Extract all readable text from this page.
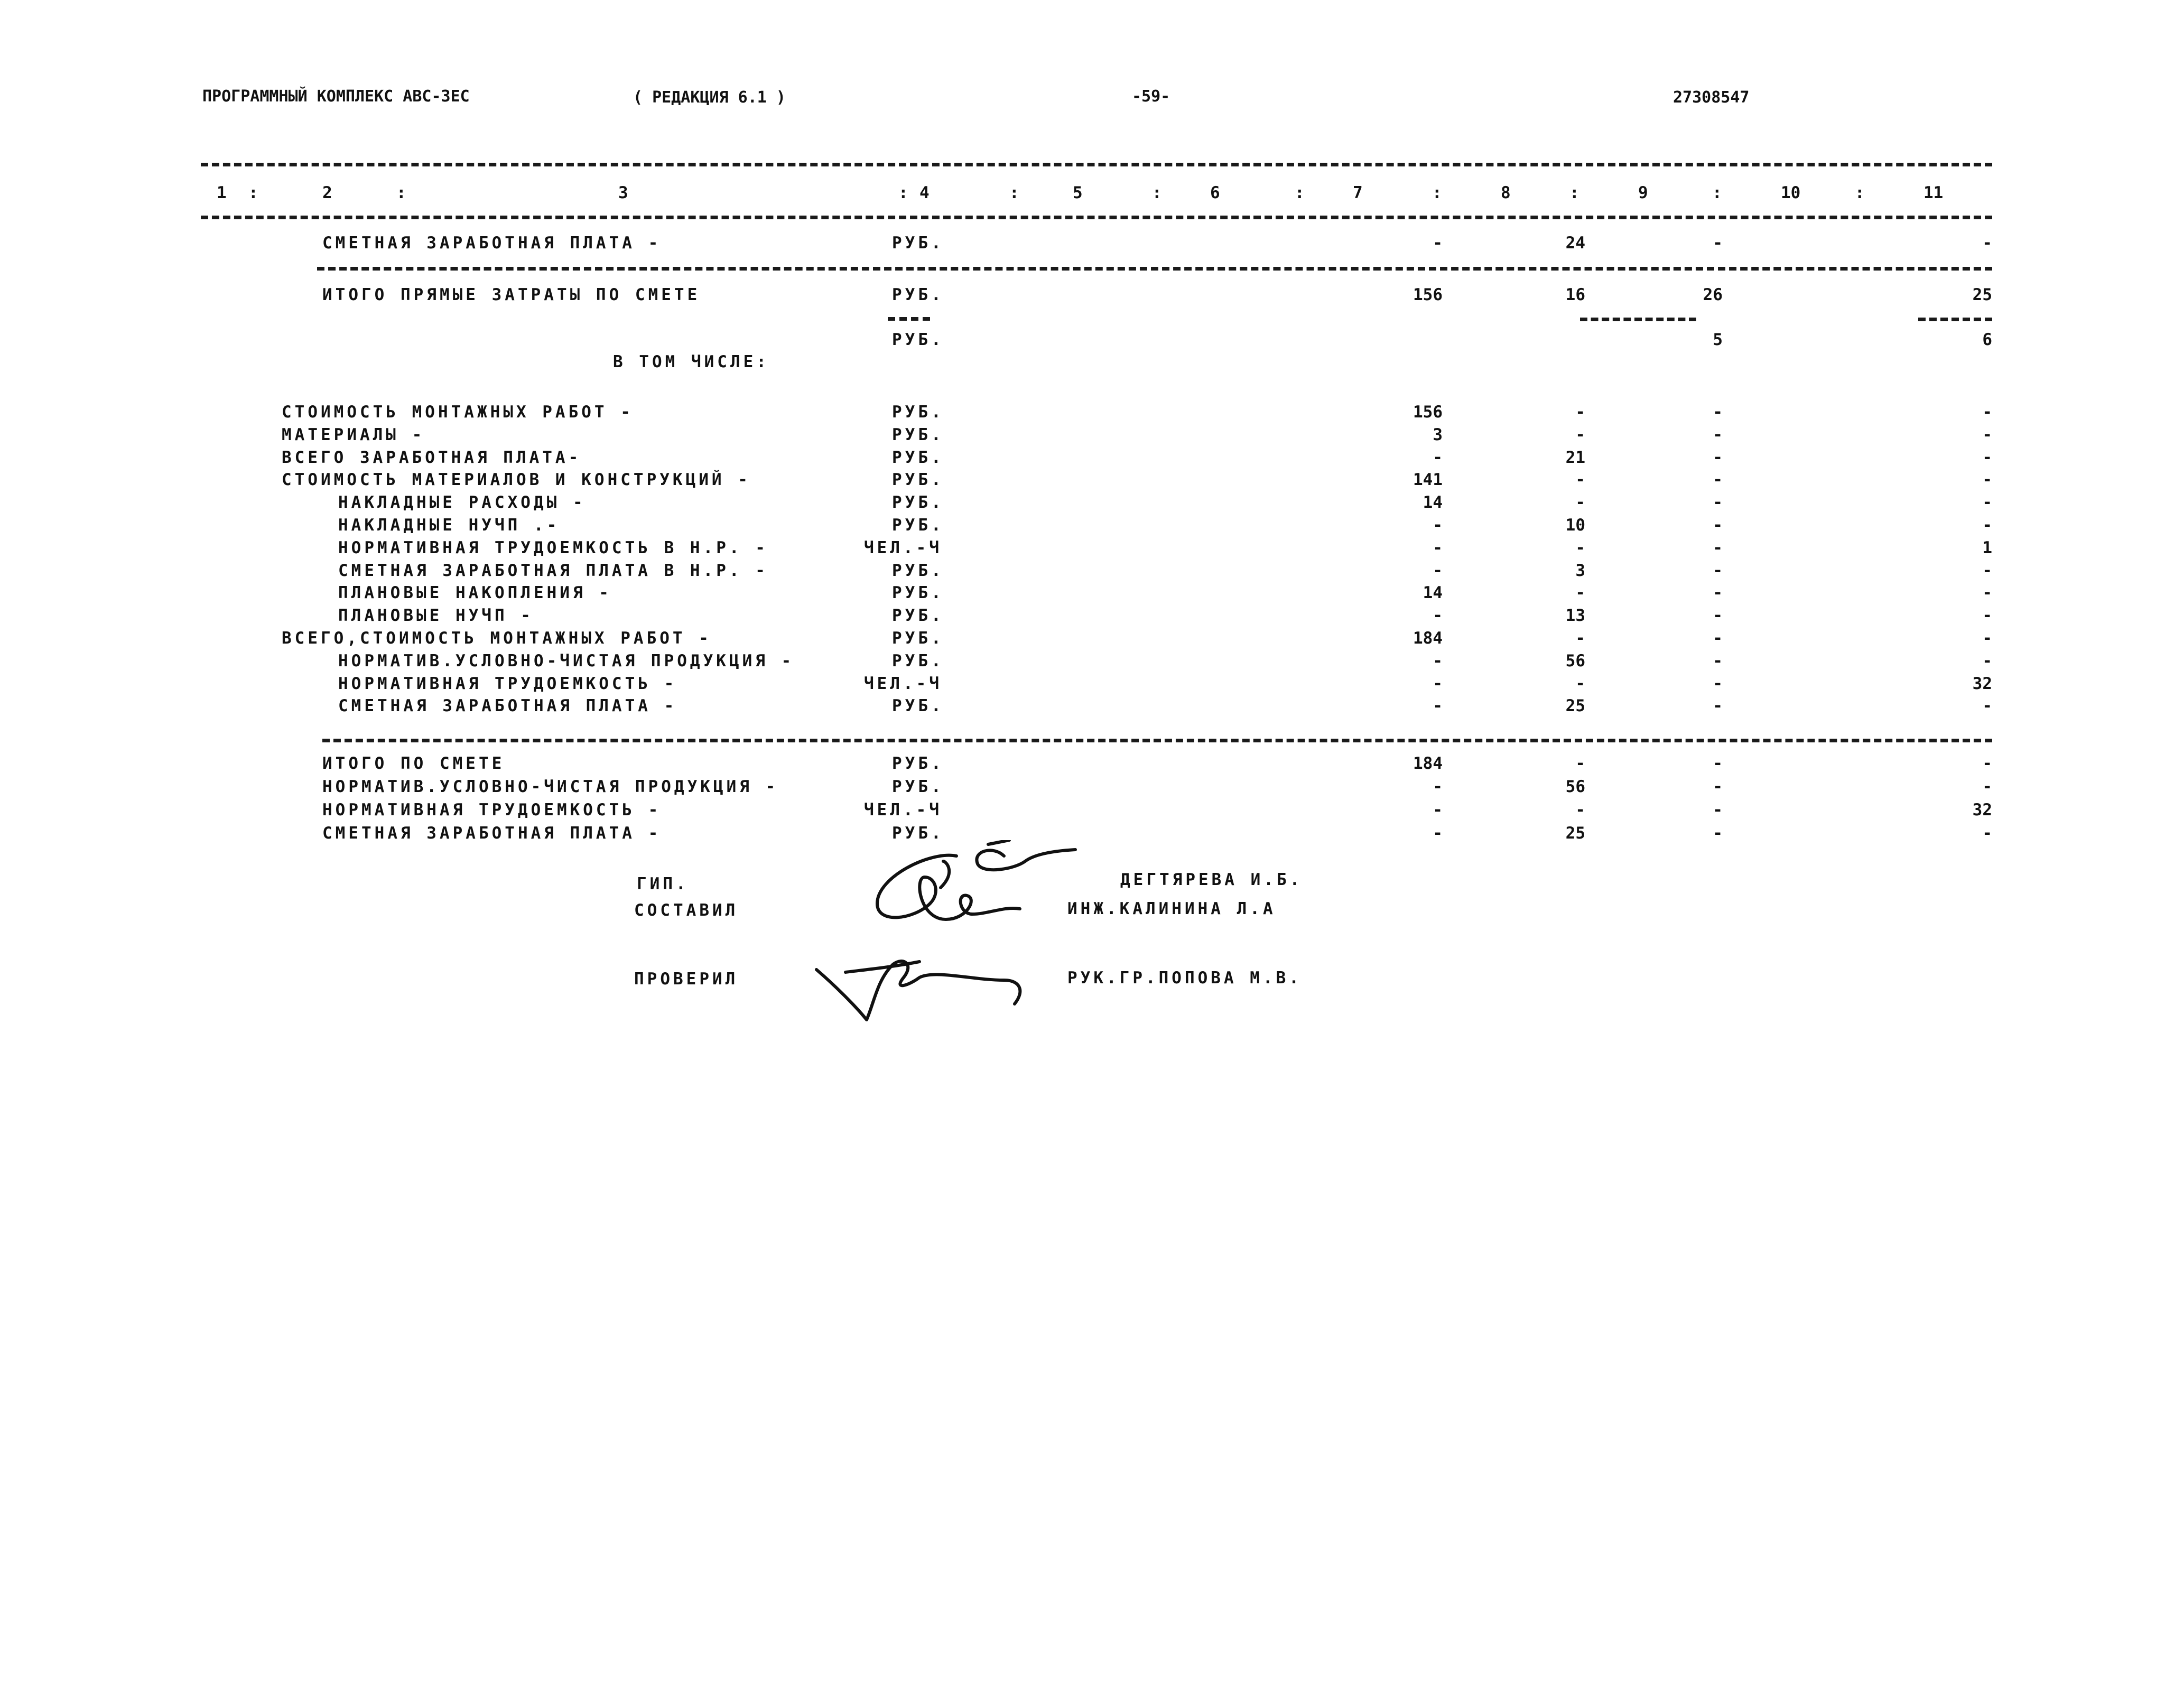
ПРОГРАММНЫЙ КОМПЛЕКС АВС-ЗЕС	( РЕДАКЦИЯ 6.1 )	-59-	27308547
1	2	3	4	5	6	7	8	9	10	11
:	:	:	:	:	:	:	:	:	:
СМЕТНАЯ ЗАРАБОТНАЯ ПЛАТА -	РУБ.	-	24	-	-
ИТОГО ПРЯМЫЕ ЗАТРАТЫ ПО СМЕТЕ	РУБ.	156	16	26	25
РУБ.	5	6
В ТОМ ЧИСЛЕ:
СТОИМОСТЬ МОНТАЖНЫХ РАБОТ -	РУБ.	156	-	-	-
МАТЕРИАЛЫ -	РУБ.	3	-	-	-
ВСЕГО ЗАРАБОТНАЯ ПЛАТА-	РУБ.	-	21	-	-
СТОИМОСТЬ МАТЕРИАЛОВ И КОНСТРУКЦИЙ -	РУБ.	141	-	-	-
НАКЛАДНЫЕ РАСХОДЫ -	РУБ.	14	-	-	-
НАКЛАДНЫЕ НУЧП .-	РУБ.	-	10	-	-
НОРМАТИВНАЯ ТРУДОЕМКОСТЬ В Н.Р. -	ЧЕЛ.-Ч	-	-	-	1
СМЕТНАЯ ЗАРАБОТНАЯ ПЛАТА В Н.Р. -	РУБ.	-	3	-	-
ПЛАНОВЫЕ НАКОПЛЕНИЯ -	РУБ.	14	-	-	-
ПЛАНОВЫЕ НУЧП -	РУБ.	-	13	-	-
ВСЕГО,СТОИМОСТЬ МОНТАЖНЫХ РАБОТ -	РУБ.	184	-	-	-
НОРМАТИВ.УСЛОВНО-ЧИСТАЯ ПРОДУКЦИЯ -	РУБ.	-	56	-	-
НОРМАТИВНАЯ ТРУДОЕМКОСТЬ -	ЧЕЛ.-Ч	-	-	-	32
СМЕТНАЯ ЗАРАБОТНАЯ ПЛАТА -	РУБ.	-	25	-	-
ИТОГО ПО СМЕТЕ	РУБ.	184	-	-	-
НОРМАТИВ.УСЛОВНО-ЧИСТАЯ ПРОДУКЦИЯ -	РУБ.	-	56	-	-
НОРМАТИВНАЯ ТРУДОЕМКОСТЬ -	ЧЕЛ.-Ч	-	-	-	32
СМЕТНАЯ ЗАРАБОТНАЯ ПЛАТА -	РУБ.	-	25	-	-
ГИП.	ДЕГТЯРЕВА И.Б.
СОСТАВИЛ	ИНЖ.КАЛИНИНА Л.А
ПРОВЕРИЛ	РУК.ГР.ПОПОВА М.В.
